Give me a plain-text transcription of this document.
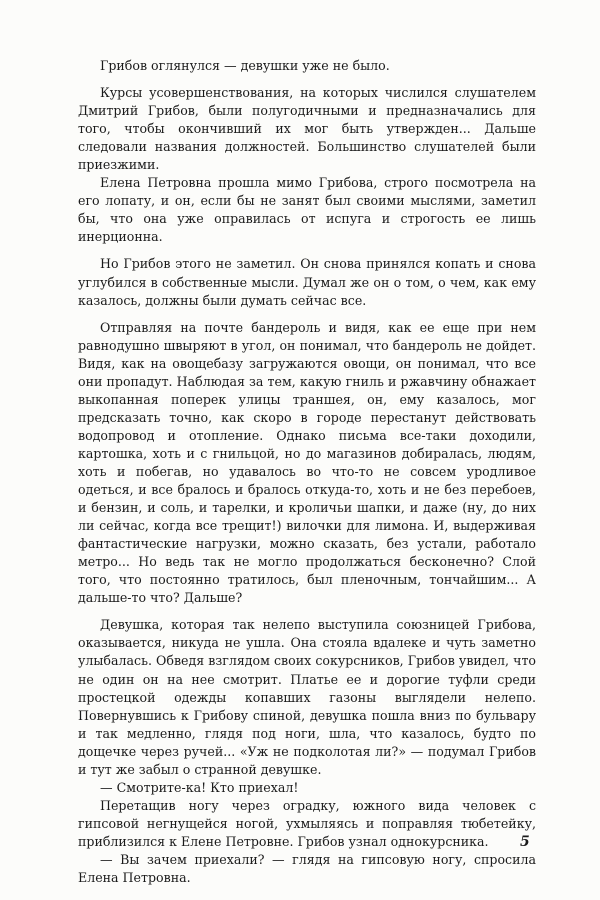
Грибов оглянулся — девушки уже не было.

Курсы усовершенствования, на которых числился слушателем Дмитрий Грибов, были полугодичными и предназначались для того, чтобы окончивший их мог быть утвержден... Дальше следовали названия должностей. Большинство слушателей были приезжими.

Елена Петровна прошла мимо Грибова, строго посмотрела на его лопату, и он, если бы не занят был своими мыслями, заметил бы, что она уже оправилась от испуга и строгость ее лишь инерционна.

Но Грибов этого не заметил. Он снова принялся копать и снова углубился в собственные мысли. Думал же он о том, о чем, как ему казалось, должны были думать сейчас все.

Отправляя на почте бандероль и видя, как ее еще при нем равнодушно швыряют в угол, он понимал, что бандероль не дойдет. Видя, как на овощебазу загружаются овощи, он понимал, что все они пропадут. Наблюдая за тем, какую гниль и ржавчину обнажает выкопанная поперек улицы траншея, он, ему казалось, мог предсказать точно, как скоро в городе перестанут действовать водопровод и отопление. Однако письма все-таки доходили, картошка, хоть и с гнильцой, но до магазинов добиралась, людям, хоть и побегав, но удавалось во что-то не совсем уродливое одеться, и все бралось и бралось откуда-то, хоть и не без перебоев, и бензин, и соль, и тарелки, и кроличьи шапки, и даже (ну, до них ли сейчас, когда все трещит!) вилочки для лимона. И, выдерживая фантастические нагрузки, можно сказать, без устали, работало метро... Но ведь так не могло продолжаться бесконечно? Слой того, что постоянно тратилось, был пленочным, тончайшим... А дальше-то что? Дальше?

Девушка, которая так нелепо выступила союзницей Грибова, оказывается, никуда не ушла. Она стояла вдалеке и чуть заметно улыбалась. Обведя взглядом своих сокурсников, Грибов увидел, что не один он на нее смотрит. Платье ее и дорогие туфли среди простецкой одежды копавших газоны выглядели нелепо. Повернувшись к Грибову спиной, девушка пошла вниз по бульвару и так медленно, глядя под ноги, шла, что казалось, будто по дощечке через ручей... «Уж не подколотая ли?» — подумал Грибов и тут же забыл о странной девушке.

— Смотрите-ка! Кто приехал!

Перетащив ногу через оградку, южного вида человек с гипсовой негнущейся ногой, ухмыляясь и поправляя тюбетейку, приблизился к Елене Петровне. Грибов узнал однокурсника.

— Вы зачем приехали? — глядя на гипсовую ногу, спросила Елена Петровна.

5
